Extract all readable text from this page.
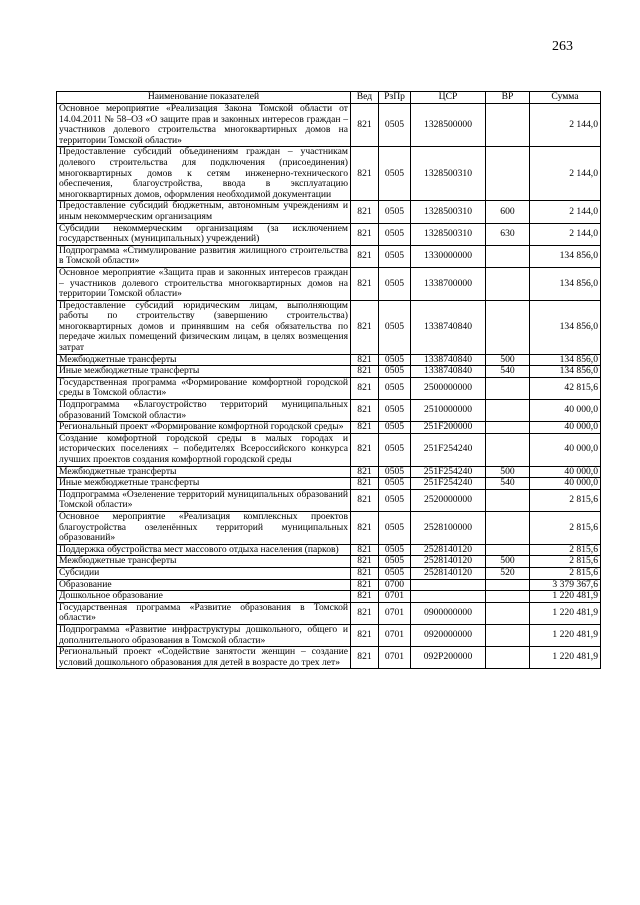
263
Наименование показателей	Вед	РзПр	ЦСР	ВР	Сумма
Основное мероприятие «Реализация Закона Томской области от 14.04.2011 № 58–ОЗ «О защите прав и законных интересов граждан – участников долевого строительства многоквартирных домов на территории Томской области»	821	0505	1328500000		2 144,0
Предоставление субсидий объединениям граждан – участникам долевого строительства для подключения (присоединения) многоквартирных домов к сетям инженерно-технического обеспечения, благоустройства, ввода в эксплуатацию многоквартирных домов, оформления необходимой документации	821	0505	1328500310		2 144,0
Предоставление субсидий бюджетным, автономным учреждениям и иным некоммерческим организациям	821	0505	1328500310	600	2 144,0
Субсидии некоммерческим организациям (за исключением государственных (муниципальных) учреждений)	821	0505	1328500310	630	2 144,0
Подпрограмма «Стимулирование развития жилищного строительства в Томской области»	821	0505	1330000000		134 856,0
Основное мероприятие «Защита прав и законных интересов граждан – участников долевого строительства многоквартирных домов на территории Томской области»	821	0505	1338700000		134 856,0
Предоставление субсидий юридическим лицам, выполняющим работы по строительству (завершению строительства) многоквартирных домов и принявшим на себя обязательства по передаче жилых помещений физическим лицам, в целях возмещения затрат	821	0505	1338740840		134 856,0
Межбюджетные трансферты	821	0505	1338740840	500	134 856,0
Иные межбюджетные трансферты	821	0505	1338740840	540	134 856,0
Государственная программа «Формирование комфортной городской среды в Томской области»	821	0505	2500000000		42 815,6
Подпрограмма «Благоустройство территорий муниципальных образований Томской области»	821	0505	2510000000		40 000,0
Региональный проект «Формирование комфортной городской среды»	821	0505	251F200000		40 000,0
Создание комфортной городской среды в малых городах и исторических поселениях – победителях Всероссийского конкурса лучших проектов создания комфортной городской среды	821	0505	251F254240		40 000,0
Межбюджетные трансферты	821	0505	251F254240	500	40 000,0
Иные межбюджетные трансферты	821	0505	251F254240	540	40 000,0
Подпрограмма «Озеленение территорий муниципальных образований Томской области»	821	0505	2520000000		2 815,6
Основное мероприятие «Реализация комплексных проектов благоустройства озеленённых территорий муниципальных образований»	821	0505	2528100000		2 815,6
Поддержка обустройства мест массового отдыха населения (парков)	821	0505	2528140120		2 815,6
Межбюджетные трансферты	821	0505	2528140120	500	2 815,6
Субсидии	821	0505	2528140120	520	2 815,6
Образование	821	0700			3 379 367,6
Дошкольное образование	821	0701			1 220 481,9
Государственная программа «Развитие образования в Томской области»	821	0701	0900000000		1 220 481,9
Подпрограмма «Развитие инфраструктуры дошкольного, общего и дополнительного образования в Томской области»	821	0701	0920000000		1 220 481,9
Региональный проект «Содействие занятости женщин – создание условий дошкольного образования для детей в возрасте до трех лет»	821	0701	092P200000		1 220 481,9
